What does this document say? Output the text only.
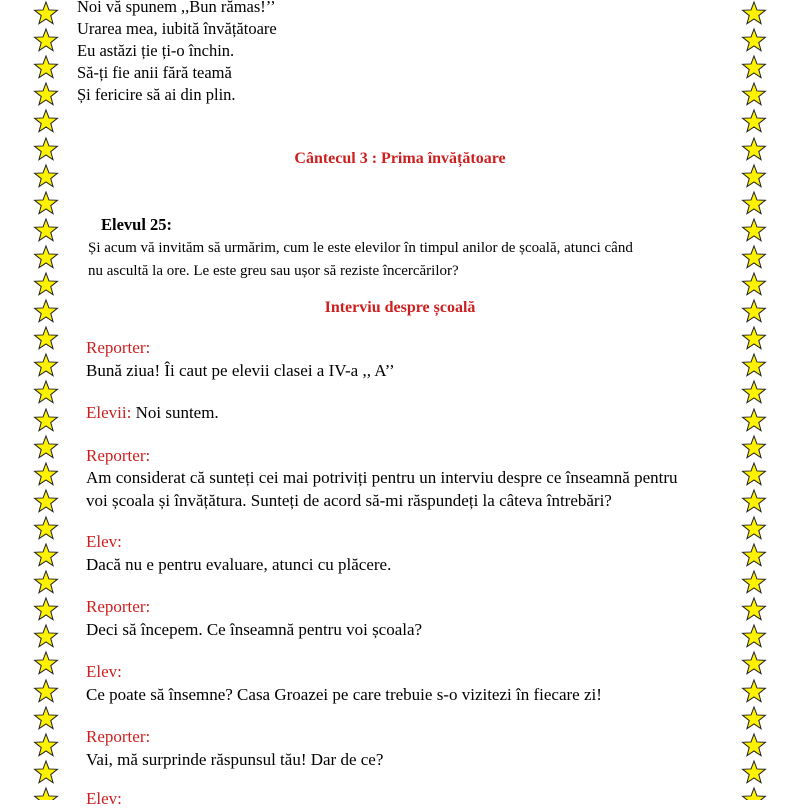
Noi vă spunem ,,Bun rămas!’’
Urarea mea, iubită învățătoare
Eu astăzi ție ți-o închin.
Să-ți fie anii fără teamă
Și fericire să ai din plin.
Cântecul 3 : Prima învățătoare
Elevul 25:
Și acum vă invităm să urmărim, cum le este elevilor în timpul anilor de școală, atunci când
nu ascultă la ore. Le este greu sau ușor să reziste încercărilor?
Interviu despre școală
Reporter:
Bună ziua! Îi caut pe elevii clasei a IV-a ,, A’’
Elevii: Noi suntem.
Reporter:
Am considerat că sunteți cei mai potriviți pentru un interviu despre ce înseamnă pentru
voi școala și învățătura. Sunteți de acord să-mi răspundeți la câteva întrebări?
Elev:
Dacă nu e pentru evaluare, atunci cu plăcere.
Reporter:
Deci să începem. Ce înseamnă pentru voi școala?
Elev:
Ce poate să însemne? Casa Groazei pe care trebuie s-o vizitezi în fiecare zi!
Reporter:
Vai, mă surprinde răspunsul tău! Dar de ce?
Elev:
